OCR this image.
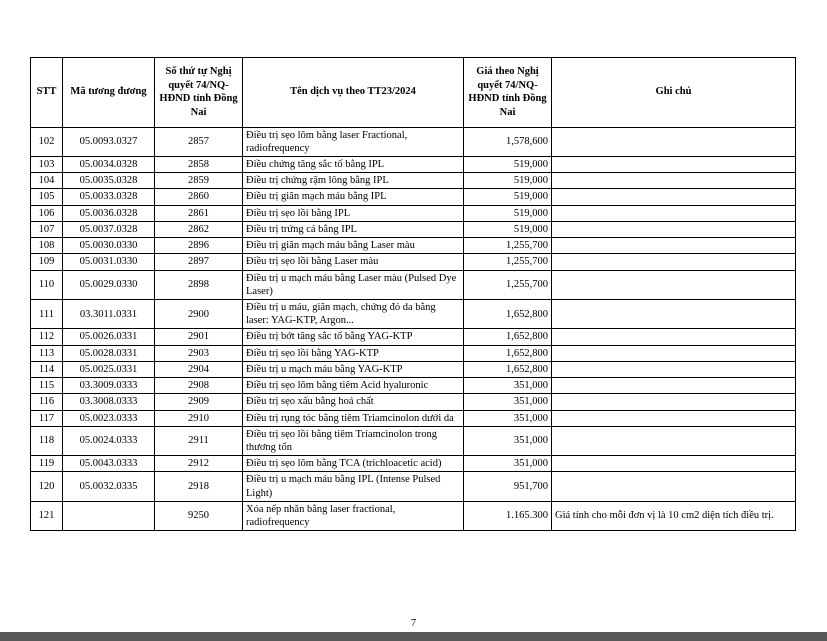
STT	Mã tương đương	Số thứ tự Nghị quyết 74/NQ-HĐND tỉnh Đồng Nai	Tên dịch vụ theo TT23/2024	Giá theo Nghị quyết 74/NQ-HĐND tỉnh Đồng Nai	Ghi chú
102	05.0093.0327	2857	Điều trị sẹo lõm bằng laser Fractional, radiofrequency	1,578,600	
103	05.0034.0328	2858	Điều chứng tăng sắc tố bằng IPL	519,000	
104	05.0035.0328	2859	Điều trị chứng rậm lông bằng IPL	519,000	
105	05.0033.0328	2860	Điều trị giãn mạch máu bằng IPL	519,000	
106	05.0036.0328	2861	Điều trị sẹo lồi bằng IPL	519,000	
107	05.0037.0328	2862	Điều trị trứng cá bằng IPL	519,000	
108	05.0030.0330	2896	Điều trị giãn mạch máu bằng Laser màu	1,255,700	
109	05.0031.0330	2897	Điều trị sẹo lồi bằng Laser màu	1,255,700	
110	05.0029.0330	2898	Điều trị u mạch máu bằng Laser màu (Pulsed Dye Laser)	1,255,700	
111	03.3011.0331	2900	Điều trị u máu, giãn mạch, chứng đỏ da bằng laser: YAG-KTP, Argon...	1,652,800	
112	05.0026.0331	2901	Điều trị bớt tăng sắc tố bằng YAG-KTP	1,652,800	
113	05.0028.0331	2903	Điều trị sẹo lồi bằng YAG-KTP	1,652,800	
114	05.0025.0331	2904	Điều trị u mạch máu bằng YAG-KTP	1,652,800	
115	03.3009.0333	2908	Điều trị sẹo lõm bằng tiêm Acid hyaluronic	351,000	
116	03.3008.0333	2909	Điều trị sẹo xấu bằng hoá chất	351,000	
117	05.0023.0333	2910	Điều trị rụng tóc bằng tiêm Triamcinolon dưới da	351,000	
118	05.0024.0333	2911	Điều trị sẹo lồi bằng tiêm Triamcinolon trong thương tổn	351,000	
119	05.0043.0333	2912	Điều trị sẹo lõm bằng TCA (trichloacetic acid)	351,000	
120	05.0032.0335	2918	Điều trị u mạch máu bằng IPL (Intense Pulsed Light)	951,700	
121		9250	Xóa nếp nhăn bằng laser fractional, radiofrequency	1.165.300	Giá tính cho mỗi đơn vị là 10 cm2 diện tích điều trị.
7
